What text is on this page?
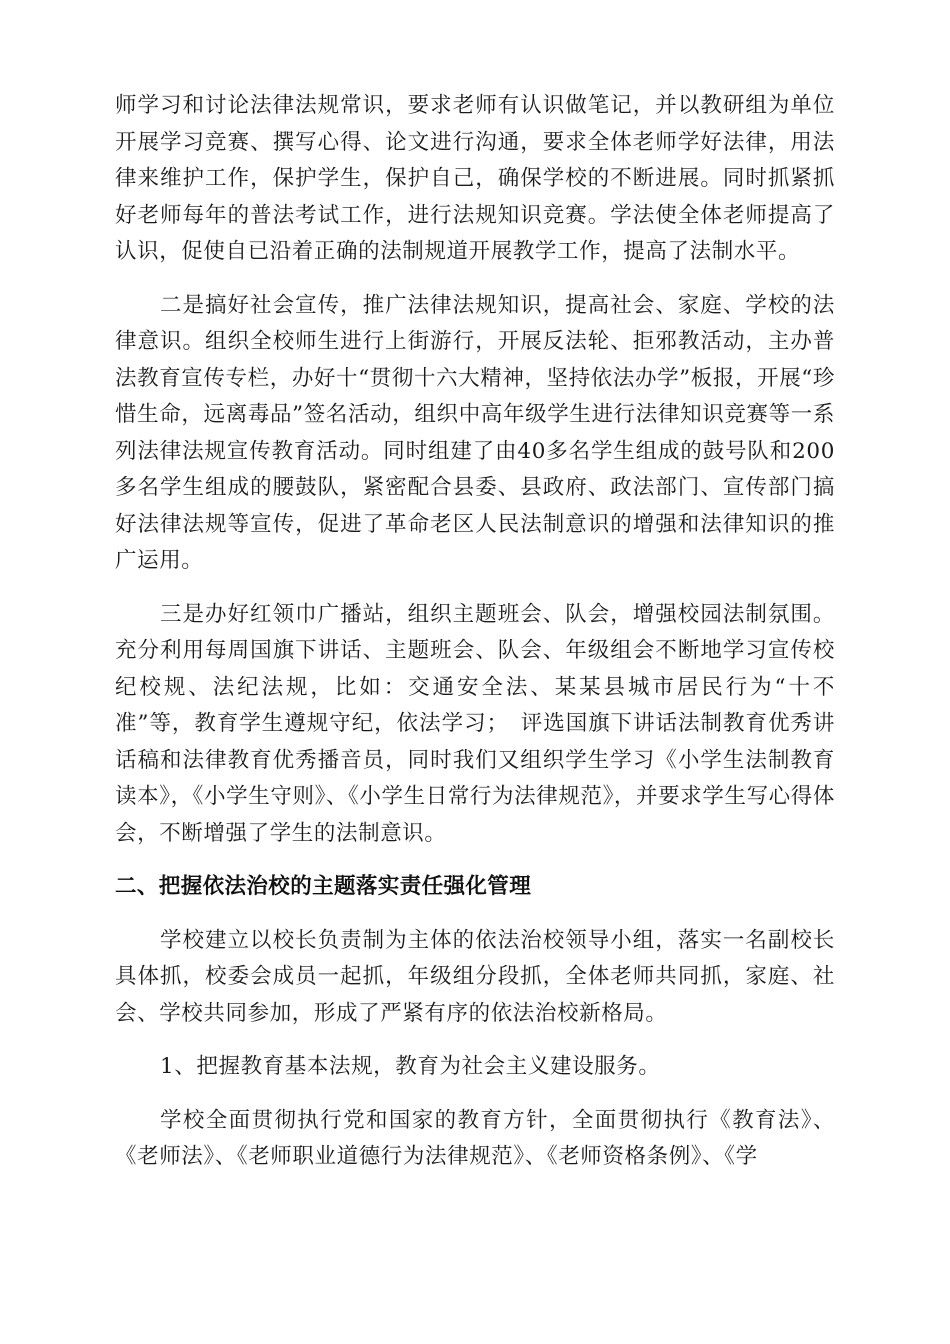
师学习和讨论法律法规常识，要求老师有认识做笔记，并以教研组为单位开展学习竞赛、撰写心得、论文进行沟通，要求全体老师学好法律，用法律来维护工作，保护学生，保护自己，确保学校的不断进展。同时抓紧抓好老师每年的普法考试工作，进行法规知识竞赛。学法使全体老师提高了认识，促使自已沿着正确的法制规道开展教学工作，提高了法制水平。

二是搞好社会宣传，推广法律法规知识，提高社会、家庭、学校的法律意识。组织全校师生进行上街游行，开展反法轮、拒邪教活动，主办普法教育宣传专栏，办好十“贯彻十六大精神，坚持依法办学”板报，开展“珍惜生命，远离毒品”签名活动，组织中高年级学生进行法律知识竞赛等一系列法律法规宣传教育活动。同时组建了由40多名学生组成的鼓号队和200多名学生组成的腰鼓队，紧密配合县委、县政府、政法部门、宣传部门搞好法律法规等宣传，促进了革命老区人民法制意识的增强和法律知识的推广运用。

三是办好红领巾广播站，组织主题班会、队会，增强校园法制氛围。充分利用每周国旗下讲话、主题班会、队会、年级组会不断地学习宣传校纪校规、法纪法规，比如：交通安全法、某某县城市居民行为“十不准”等，教育学生遵规守纪，依法学习；　评选国旗下讲话法制教育优秀讲话稿和法律教育优秀播音员，同时我们又组织学生学习《小学生法制教育读本》，《小学生守则》、《小学生日常行为法律规范》，并要求学生写心得体会，不断增强了学生的法制意识。

二、把握依法治校的主题落实责任强化管理

学校建立以校长负责制为主体的依法治校领导小组，落实一名副校长具体抓，校委会成员一起抓，年级组分段抓，全体老师共同抓，家庭、社会、学校共同参加，形成了严紧有序的依法治校新格局。

1、把握教育基本法规，教育为社会主义建设服务。

学校全面贯彻执行党和国家的教育方针，全面贯彻执行《教育法》、《老师法》、《老师职业道德行为法律规范》、《老师资格条例》、《学
